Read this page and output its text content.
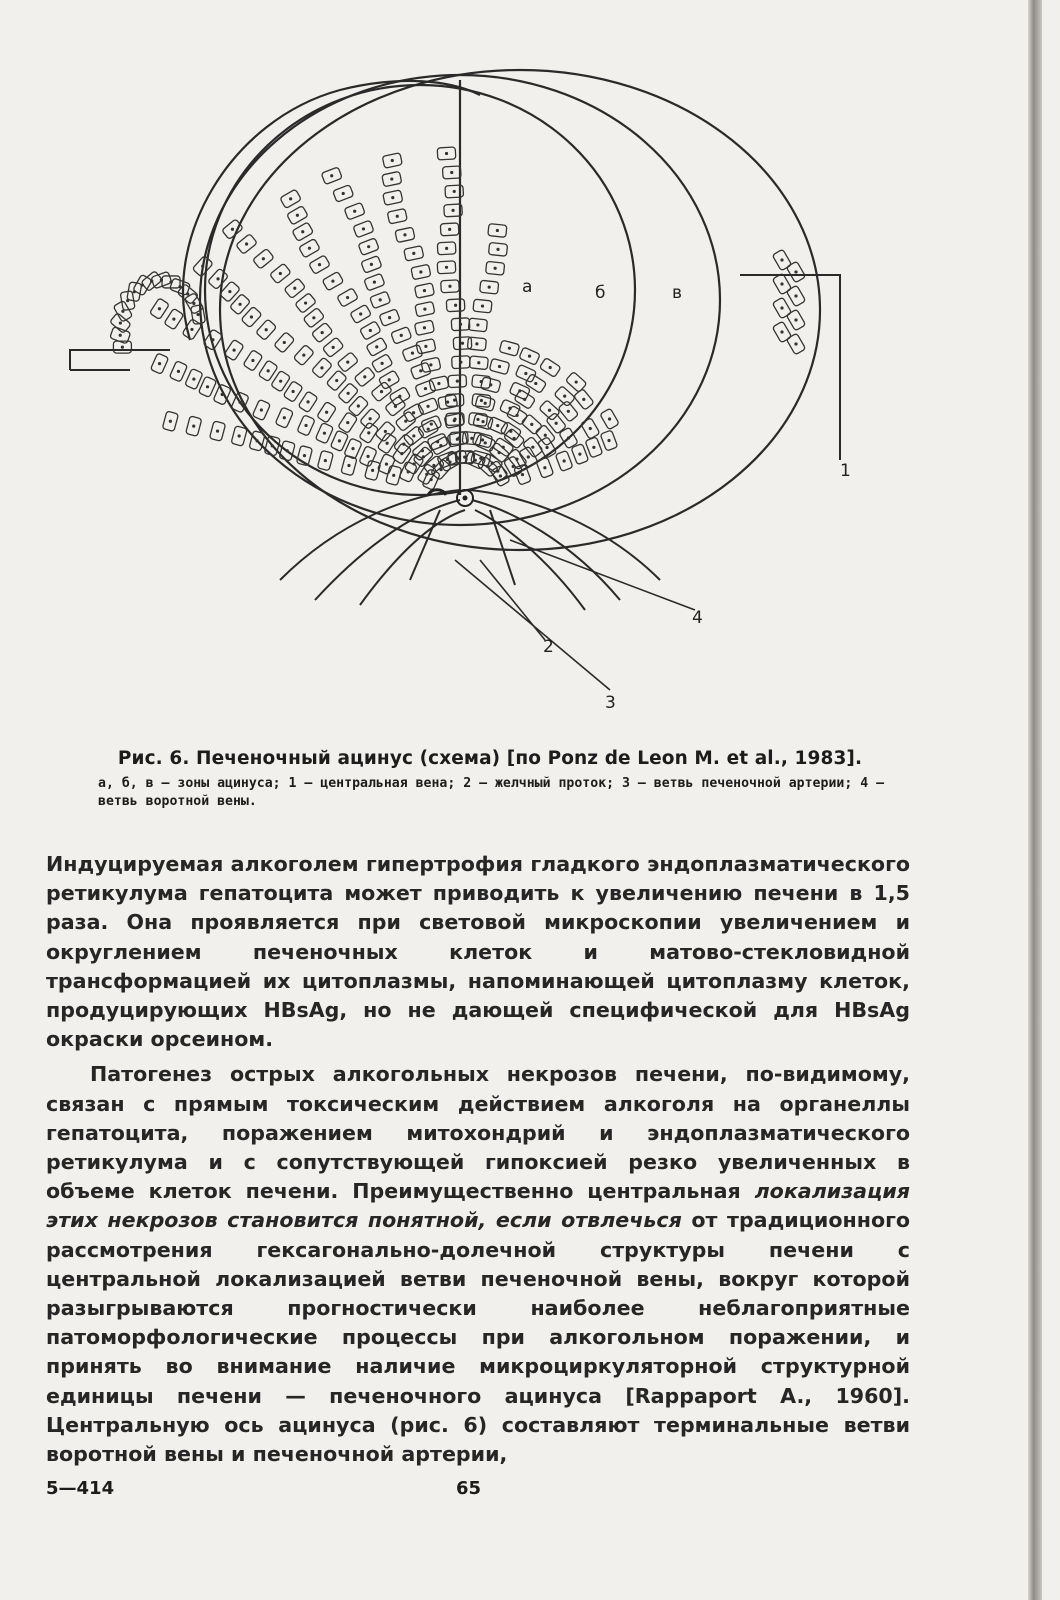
а	б	в
1
2
3
4
Рис. 6. Печеночный ацинус (схема) [по Ponz de Leon M. et al., 1983].
а, б, в — зоны ацинуса; 1 — центральная вена; 2 — желчный проток; 3 — ветвь печеночной артерии; 4 — ветвь воротной вены.

Индуцируемая алкоголем гипертрофия гладкого эндоплазматического ретикулума гепатоцита может приводить к увеличению печени в 1,5 раза. Она проявляется при световой микроскопии увеличением и округлением печеночных клеток и матово-стекловидной трансформацией их цитоплазмы, напоминающей цитоплазму клеток, продуцирующих HBsAg, но не дающей специфической для HBsAg окраски орсеином.

Патогенез острых алкогольных некрозов печени, по-видимому, связан с прямым токсическим действием алкоголя на органеллы гепатоцита, поражением митохондрий и эндоплазматического ретикулума и с сопутствующей гипоксией резко увеличенных в объеме клеток печени. Преимущественно центральная локализация этих некрозов становится понятной, если отвлечься от традиционного рассмотрения гексагонально-долечной структуры печени с центральной локализацией ветви печеночной вены, вокруг которой разыгрываются прогностически наиболее неблагоприятные патоморфологические процессы при алкогольном поражении, и принять во внимание наличие микроциркуляторной структурной единицы печени — печеночного ацинуса [Rappaport A., 1960]. Центральную ось ацинуса (рис. 6) составляют терминальные ветви воротной вены и печеночной артерии,

5—414	65
